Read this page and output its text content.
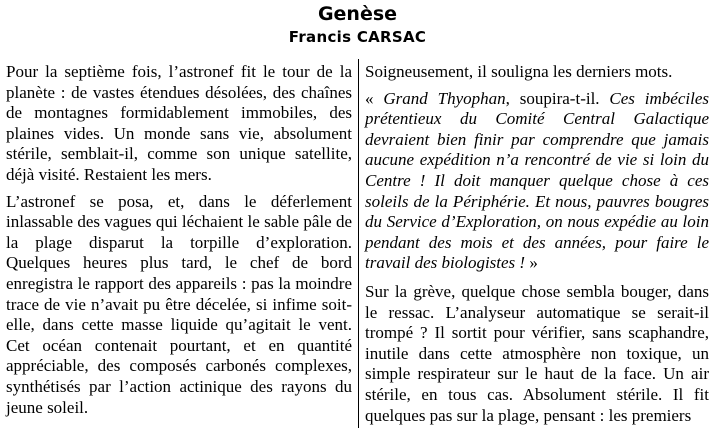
Genèse
Francis CARSAC

Pour la septième fois, l’astronef fit le tour de la planète : de vastes étendues désolées, des chaînes de montagnes formidablement immobiles, des plaines vides. Un monde sans vie, absolument stérile, semblait-il, comme son unique satellite, déjà visité. Restaient les mers.

L’astronef se posa, et, dans le déferlement inlassable des vagues qui léchaient le sable pâle de la plage disparut la torpille d’exploration. Quelques heures plus tard, le chef de bord enregistra le rapport des appareils : pas la moindre trace de vie n’avait pu être décelée, si infime soit-elle, dans cette masse liquide qu’agitait le vent. Cet océan contenait pourtant, et en quantité appréciable, des composés carbonés complexes, synthétisés par l’action actinique des rayons du jeune soleil.

Soigneusement, il souligna les derniers mots.

« Grand Thyophan, soupira-t-il. Ces imbéciles prétentieux du Comité Central Galactique devraient bien finir par comprendre que jamais aucune expédition n’a rencontré de vie si loin du Centre ! Il doit manquer quelque chose à ces soleils de la Périphérie. Et nous, pauvres bougres du Service d’Exploration, on nous expédie au loin pendant des mois et des années, pour faire le travail des biologistes ! »

Sur la grève, quelque chose sembla bouger, dans le ressac. L’analyseur automatique se serait-il trompé ? Il sortit pour vérifier, sans scaphandre, inutile dans cette atmosphère non toxique, un simple respirateur sur le haut de la face. Un air stérile, en tous cas. Absolument stérile. Il fit quelques pas sur la plage, pensant : les premiers
